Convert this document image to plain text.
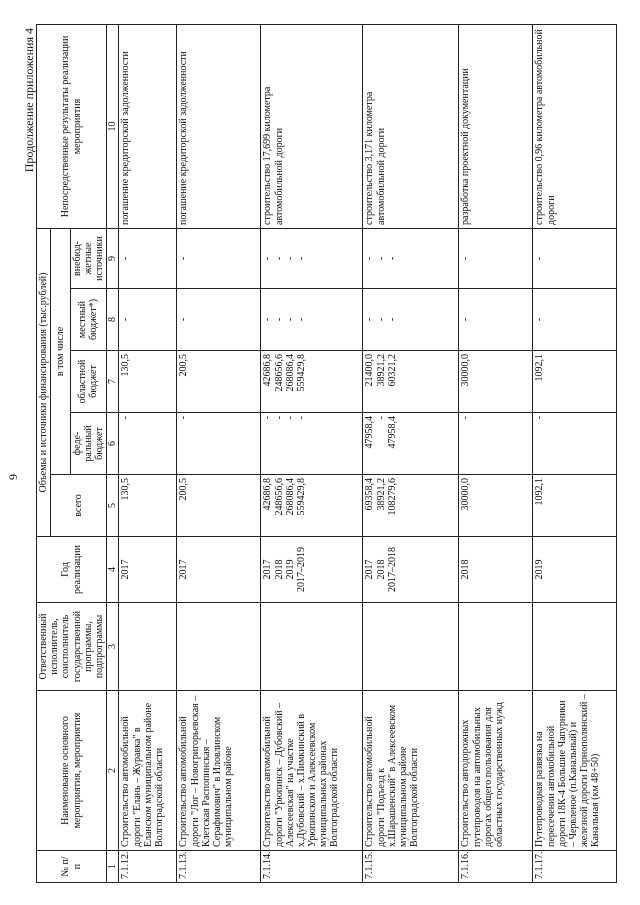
9
Продолжение приложения 4
№ п/п	Наименование основного мероприятия, мероприятия	Ответственный исполнитель, соисполнитель государственной программы, подпрограммы	Год реализации	Объемы и источники финансирования (тыс.рублей)					Непосредственные результаты реализации мероприятия
				всего	в том числе				
					федеральный бюджет	областной бюджет	местный бюджет*)	внебюджетные источники	
1	2	3	4	5	6	7	8	9	10
7.1.12.	Строительство автомобильной дороги "Елань – Журавка" в Еланском муниципальном районе Волгоградской области		2017	130,5	-	130,5	-	-	погашение кредиторской задолженности
7.1.13.	Строительство автомобильной дороги "Лог – Новогригорьевская – Клетская Распопинская – Серафимович" в Иловлинском муниципальном районе		2017	200,5	-	200,5	-	-	погашение кредиторской задолженности
7.1.14.	Строительство автомобильной дороги "Урюпинск – Дубовский – Алексеевская" на участке х.Дубовский – х.Пимкинский в Урюпинском и Алексеевском муниципальных районах Волгоградской области		2017 2018 2019 2017–2019	42686,8 248656,6 268086,4 559429,8	- - - -	42686,8 248656,6 268086,4 559429,8	- - - -	- - - -	строительство 17,699 километра автомобильной дороги
7.1.15.	Строительство автомобильной дороги "Подъезд к х.Шарашенский" в Алексеевском муниципальном районе Волгоградской области		2017 2018 2017–2018	69358,4 38921,2 108279,6	47958,4 - 47958,4	21400,0 38921,2 60321,2	- - -	- - -	строительство 3,171 километра автомобильной дороги
7.1.16.	Строительство автодорожных путепроводов на автомобильных дорогах общего пользования для областных государственных нужд		2018	30000,0	-	30000,0	-	-	разработка проектной документации
7.1.17.	Путепроводная развязка на пересечении автомобильной дороги 18К-4 Большие Чапурники – Червленое (п.Канальный) и железной дороги Горнополянский – Канальная (км 48+50)		2019	1092,1	-	1092,1	-	-	строительство 0,96 километра автомобильной дороги
